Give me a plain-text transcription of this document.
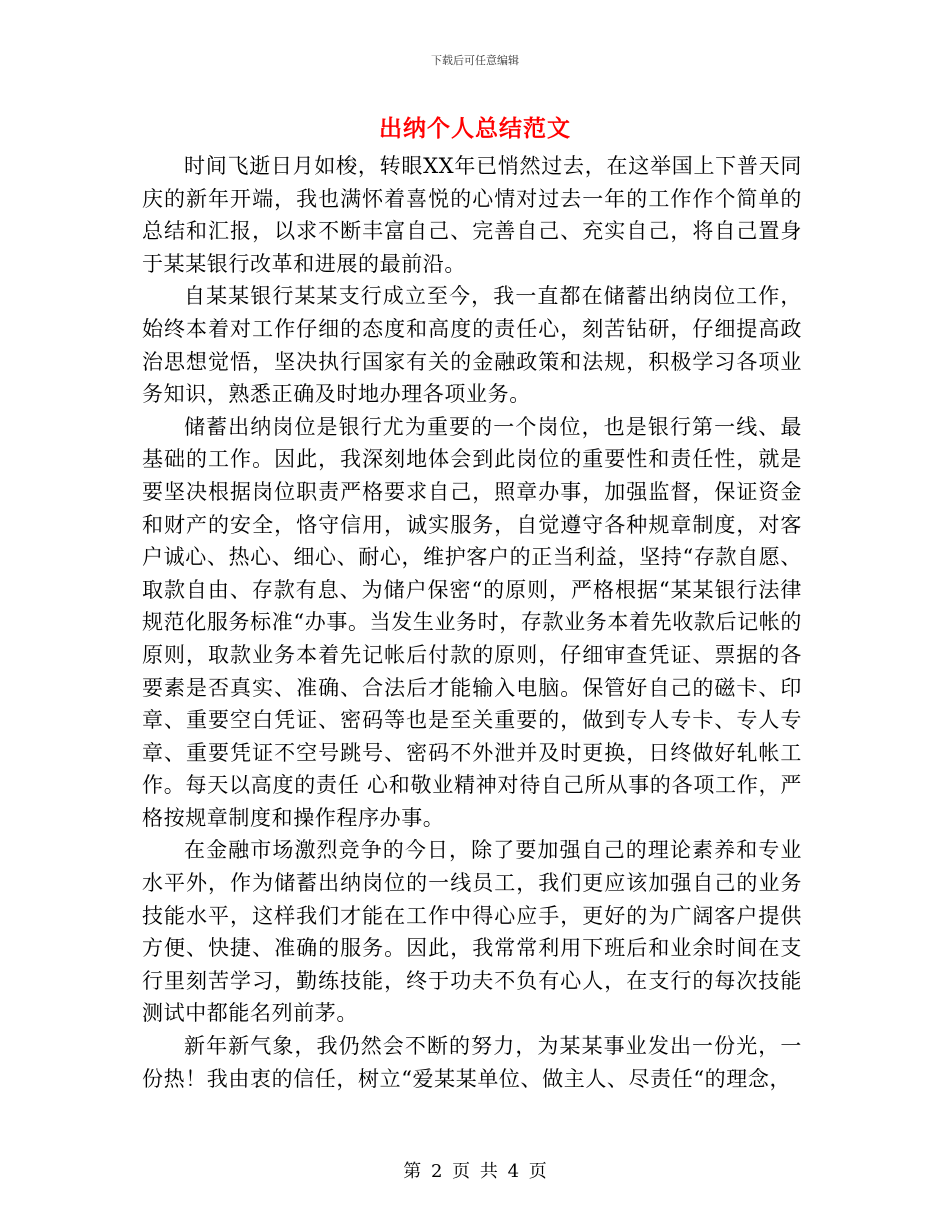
下载后可任意编辑
出纳个人总结范文

时间飞逝日月如梭，转眼XX年已悄然过去，在这举国上下普天同庆的新年开端，我也满怀着喜悦的心情对过去一年的工作作个简单的总结和汇报，以求不断丰富自己、完善自己、充实自己，将自己置身于某某银行改革和进展的最前沿。

自某某银行某某支行成立至今，我一直都在储蓄出纳岗位工作，始终本着对工作仔细的态度和高度的责任心，刻苦钻研，仔细提高政治思想觉悟，坚决执行国家有关的金融政策和法规，积极学习各项业务知识，熟悉正确及时地办理各项业务。

储蓄出纳岗位是银行尤为重要的一个岗位，也是银行第一线、最基础的工作。因此，我深刻地体会到此岗位的重要性和责任性，就是要坚决根据岗位职责严格要求自己，照章办事，加强监督，保证资金和财产的安全，恪守信用，诚实服务，自觉遵守各种规章制度，对客户诚心、热心、细心、耐心，维护客户的正当利益，坚持“存款自愿、取款自由、存款有息、为储户保密“的原则，严格根据“某某银行法律规范化服务标准“办事。当发生业务时，存款业务本着先收款后记帐的原则，取款业务本着先记帐后付款的原则，仔细审查凭证、票据的各要素是否真实、准确、合法后才能输入电脑。保管好自己的磁卡、印章、重要空白凭证、密码等也是至关重要的，做到专人专卡、专人专章、重要凭证不空号跳号、密码不外泄并及时更换，日终做好轧帐工作。每天以高度的责任 心和敬业精神对待自己所从事的各项工作，严格按规章制度和操作程序办事。

在金融市场激烈竞争的今日，除了要加强自己的理论素养和专业水平外，作为储蓄出纳岗位的一线员工，我们更应该加强自己的业务技能水平，这样我们才能在工作中得心应手，更好的为广阔客户提供方便、快捷、准确的服务。因此，我常常利用下班后和业余时间在支行里刻苦学习，勤练技能，终于功夫不负有心人，在支行的每次技能测试中都能名列前茅。

新年新气象，我仍然会不断的努力，为某某事业发出一份光，一份热！我由衷的信任，树立“爱某某单位、做主人、尽责任“的理念，

第 2 页 共 4 页
